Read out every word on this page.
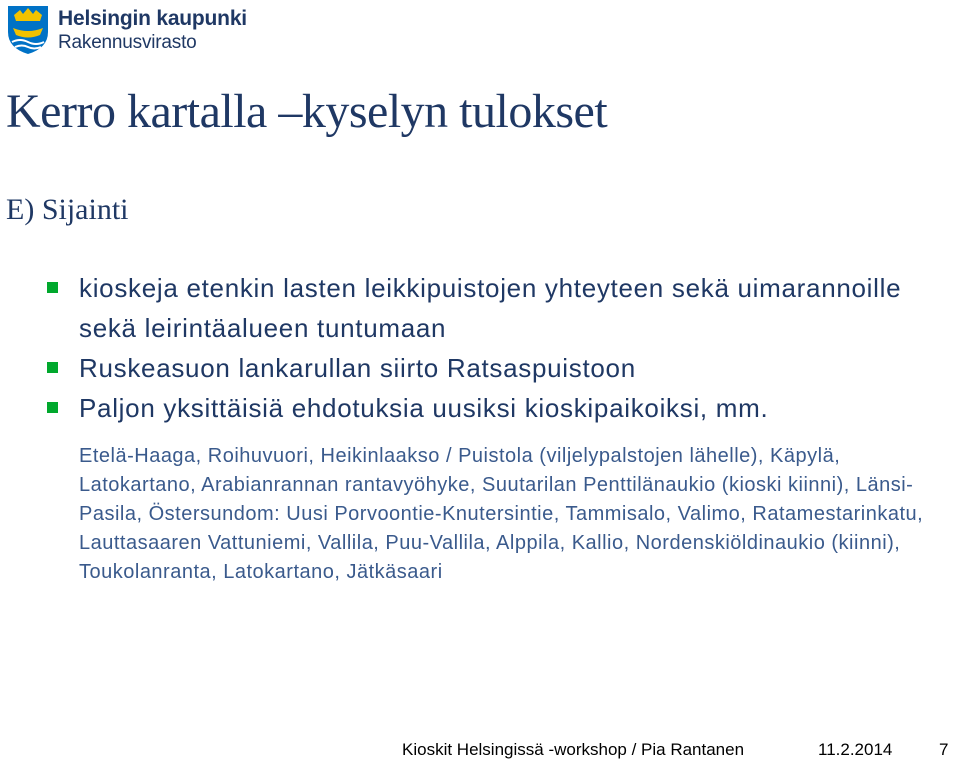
Helsingin kaupunki
Rakennusvirasto
Kerro kartalla –kyselyn tulokset
E) Sijainti
kioskeja etenkin lasten leikkipuistojen yhteyteen sekä uimarannoille sekä leirintäalueen tuntumaan
Ruskeasuon lankarullan siirto Ratsaspuistoon
Paljon yksittäisiä ehdotuksia uusiksi kioskipaikoiksi, mm.
Etelä-Haaga, Roihuvuori, Heikinlaakso / Puistola (viljelypalstojen lähelle), Käpylä, Latokartano, Arabianrannan rantavyöhyke, Suutarilan Penttilänaukio (kioski kiinni), Länsi-Pasila, Östersundom: Uusi Porvoontie-Knutersintie, Tammisalo, Valimo, Ratamestarinkatu, Lauttasaaren Vattuniemi, Vallila, Puu-Vallila, Alppila, Kallio, Nordenskiöldinaukio (kiinni), Toukolanranta, Latokartano, Jätkäsaari
Kioskit Helsingissä -workshop / Pia Rantanen	11.2.2014	7
